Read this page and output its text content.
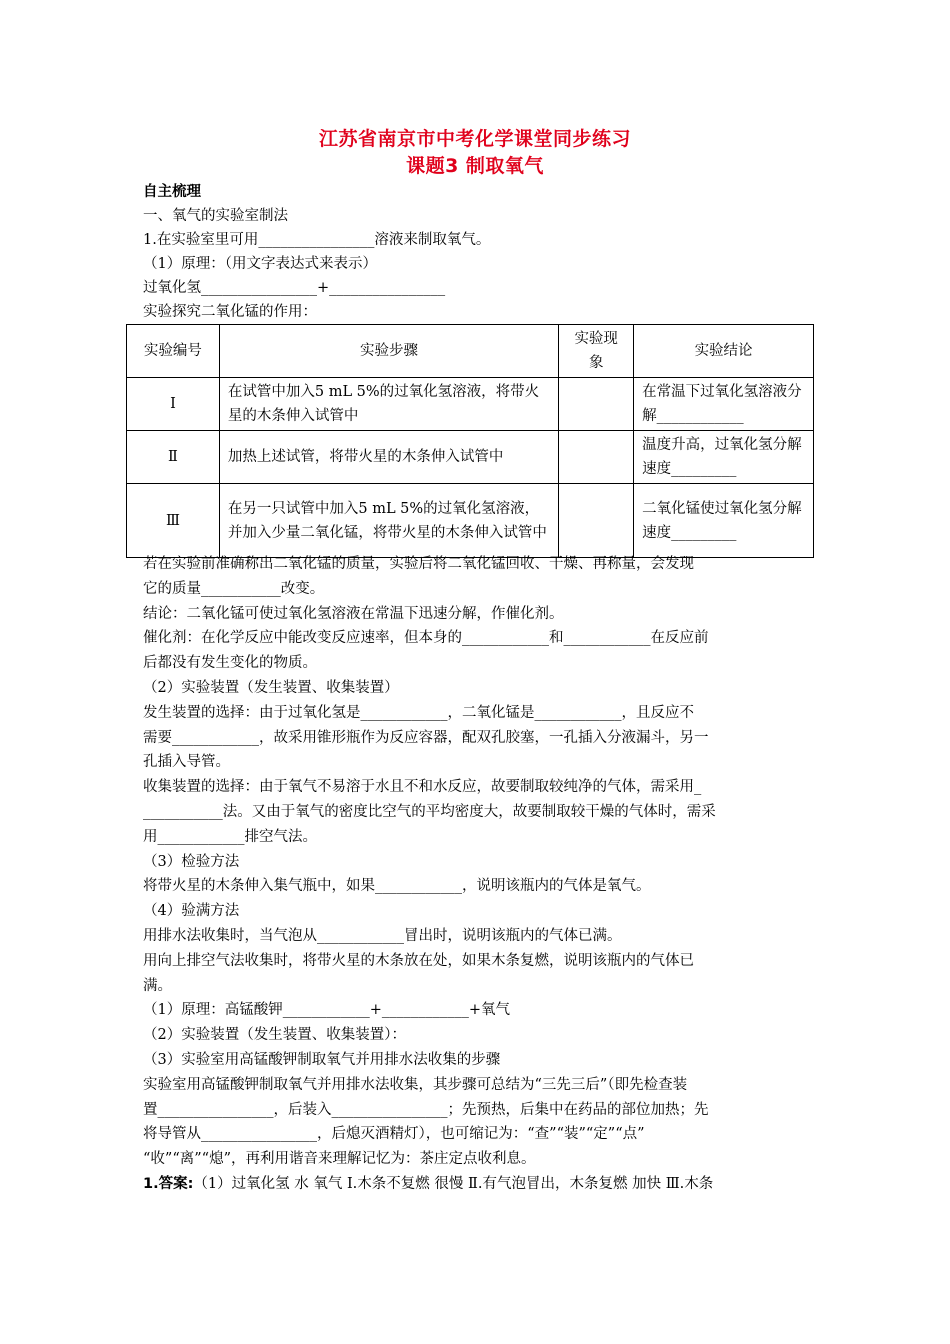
江苏省南京市中考化学课堂同步练习
课题3 制取氧气
自主梳理
一、氧气的实验室制法
1.在实验室里可用________________溶液来制取氧气。
（1）原理：（用文字表达式来表示）
过氧化氢________________+________________
实验探究二氧化锰的作用：
实验编号	实验步骤	实验现象	实验结论
Ⅰ	在试管中加入5 mL 5%的过氧化氢溶液，将带火星的木条伸入试管中		在常温下过氧化氢溶液分解____________
Ⅱ	加热上述试管，将带火星的木条伸入试管中		温度升高，过氧化氢分解速度_________
Ⅲ	在另一只试管中加入5 mL 5%的过氧化氢溶液，并加入少量二氧化锰，将带火星的木条伸入试管中		二氧化锰使过氧化氢分解速度_________
若在实验前准确称出二氧化锰的质量，实验后将二氧化锰回收、干燥、再称量，会发现
它的质量___________改变。
结论：二氧化锰可使过氧化氢溶液在常温下迅速分解，作催化剂。
催化剂：在化学反应中能改变反应速率，但本身的____________和____________在反应前
后都没有发生变化的物质。
（2）实验装置（发生装置、收集装置）
发生装置的选择：由于过氧化氢是____________，二氧化锰是____________，且反应不
需要____________，故采用锥形瓶作为反应容器，配双孔胶塞，一孔插入分液漏斗，另一
孔插入导管。
收集装置的选择：由于氧气不易溶于水且不和水反应，故要制取较纯净的气体，需采用_
___________法。又由于氧气的密度比空气的平均密度大，故要制取较干燥的气体时，需采
用____________排空气法。
（3）检验方法
将带火星的木条伸入集气瓶中，如果____________，说明该瓶内的气体是氧气。
（4）验满方法
用排水法收集时，当气泡从____________冒出时，说明该瓶内的气体已满。
用向上排空气法收集时，将带火星的木条放在处，如果木条复燃，说明该瓶内的气体已
满。
（1）原理：高锰酸钾____________+____________+氧气
（2）实验装置（发生装置、收集装置）：
（3）实验室用高锰酸钾制取氧气并用排水法收集的步骤
实验室用高锰酸钾制取氧气并用排水法收集，其步骤可总结为“三先三后”（即先检查装
置________________，后装入________________；先预热，后集中在药品的部位加热；先
将导管从________________，后熄灭酒精灯），也可缩记为：“查”“装”“定”“点”
“收”“离”“熄”，再利用谐音来理解记忆为：茶庄定点收利息。
1.答案:（1）过氧化氢 水 氧气 Ⅰ.木条不复燃 很慢 Ⅱ.有气泡冒出，木条复燃 加快 Ⅲ.木条
